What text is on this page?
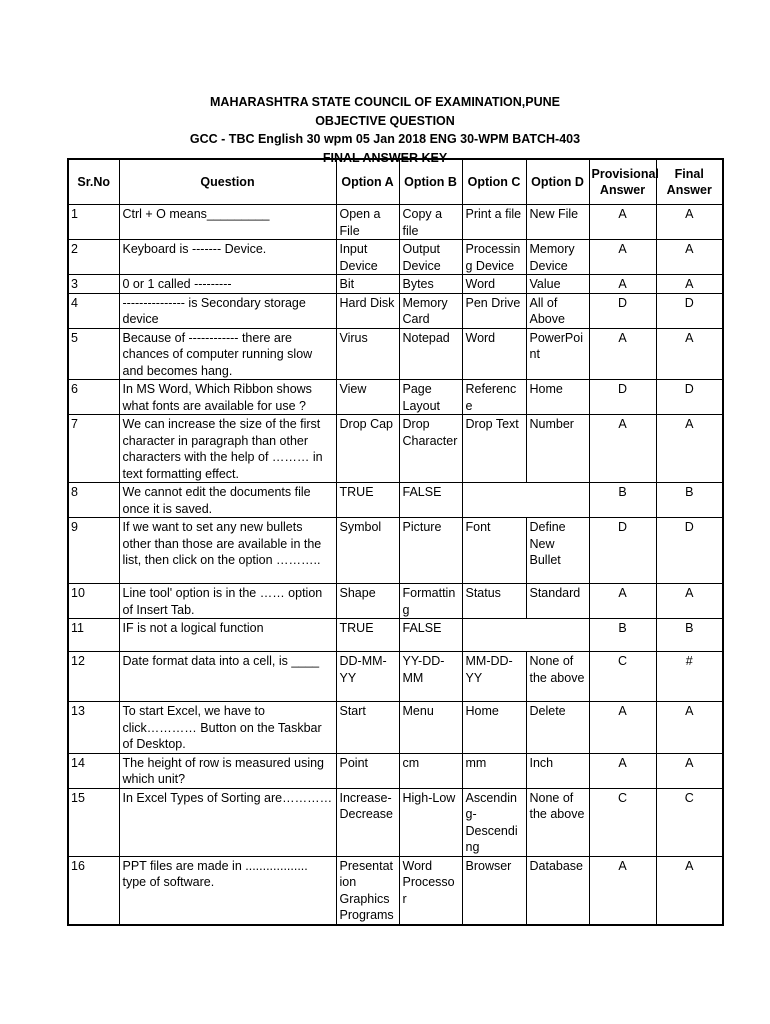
MAHARASHTRA STATE COUNCIL OF EXAMINATION,PUNE
OBJECTIVE QUESTION
GCC - TBC English 30 wpm 05 Jan 2018 ENG 30-WPM BATCH-403
FINAL ANSWER KEY
Sr.No	Question	Option A	Option B	Option C	Option D	Provisional Answer	Final Answer
1	Ctrl + O means_________	Open a File	Copy a file	Print a file	New File	A	A
2	Keyboard is ------- Device.	Input Device	Output Device	Processing Device	Memory Device	A	A
3	0 or 1 called ---------	Bit	Bytes	Word	Value	A	A
4	--------------- is Secondary storage device	Hard Disk	Memory Card	Pen Drive	All of Above	D	D
5	Because of ------------ there are chances of computer running slow and becomes hang.	Virus	Notepad	Word	PowerPoint	A	A
6	In MS Word, Which Ribbon shows what fonts are available for use ?	View	Page Layout	Reference	Home	D	D
7	We can increase the size of the first character in paragraph than other characters with the help of ……… in text formatting effect.	Drop Cap	Drop Character	Drop Text	Number	A	A
8	We cannot edit the documents file once it is saved.	TRUE	FALSE			B	B
9	If we want to set any new bullets other than those are available in the list, then click on the option ………..	Symbol	Picture	Font	Define New Bullet	D	D
10	Line tool' option is in the …… option of Insert Tab.	Shape	Formatting	Status	Standard	A	A
11	IF is not a logical function	TRUE	FALSE			B	B
12	Date format data into a cell, is ____	DD-MM-YY	YY-DD-MM	MM-DD-YY	None of the above	C	#
13	To start Excel, we have to click………… Button on the Taskbar of Desktop.	Start	Menu	Home	Delete	A	A
14	The height of row is measured using which unit?	Point	cm	mm	Inch	A	A
15	In Excel Types of Sorting are…………	Increase-Decrease	High-Low	Ascending-Descending	None of the above	C	C
16	PPT files are made in .................. type of software.	Presentation Graphics Programs	Word Processor	Browser	Database	A	A
